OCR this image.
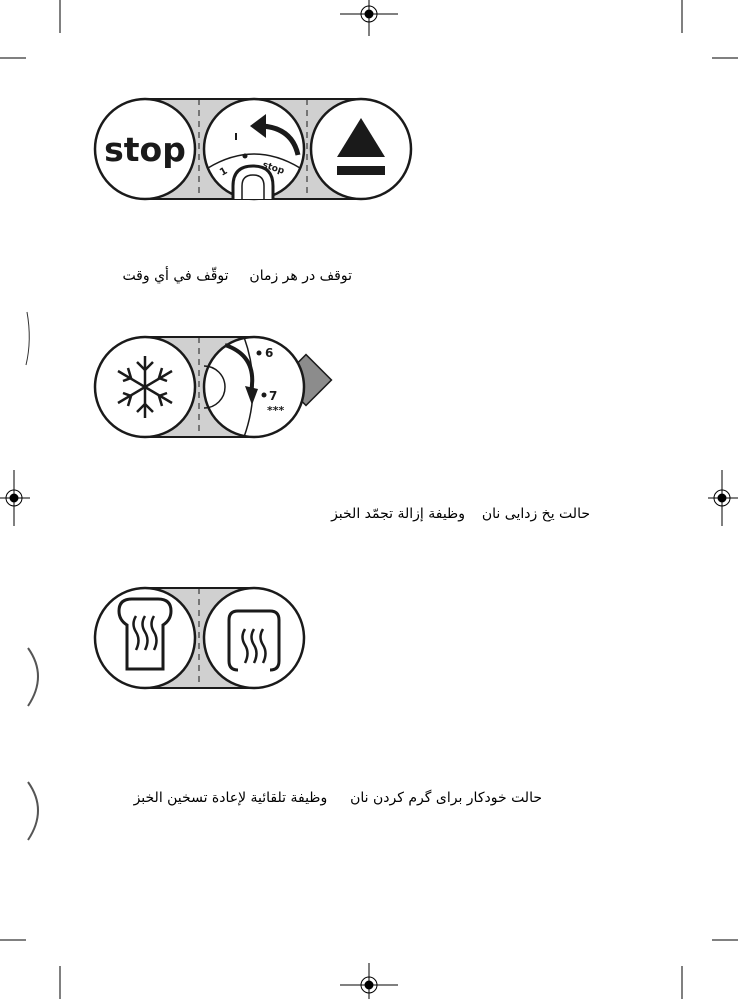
stop	stop
1
توقف در هر زمان  توقّف في أي وقت
6
7
***
حالت یخ زدایی نان  وظيفة إزالة تجمّد الخبز
حالت خودکار برای گرم کردن نان  وظيفة تلقائية لإعادة تسخين الخبز
